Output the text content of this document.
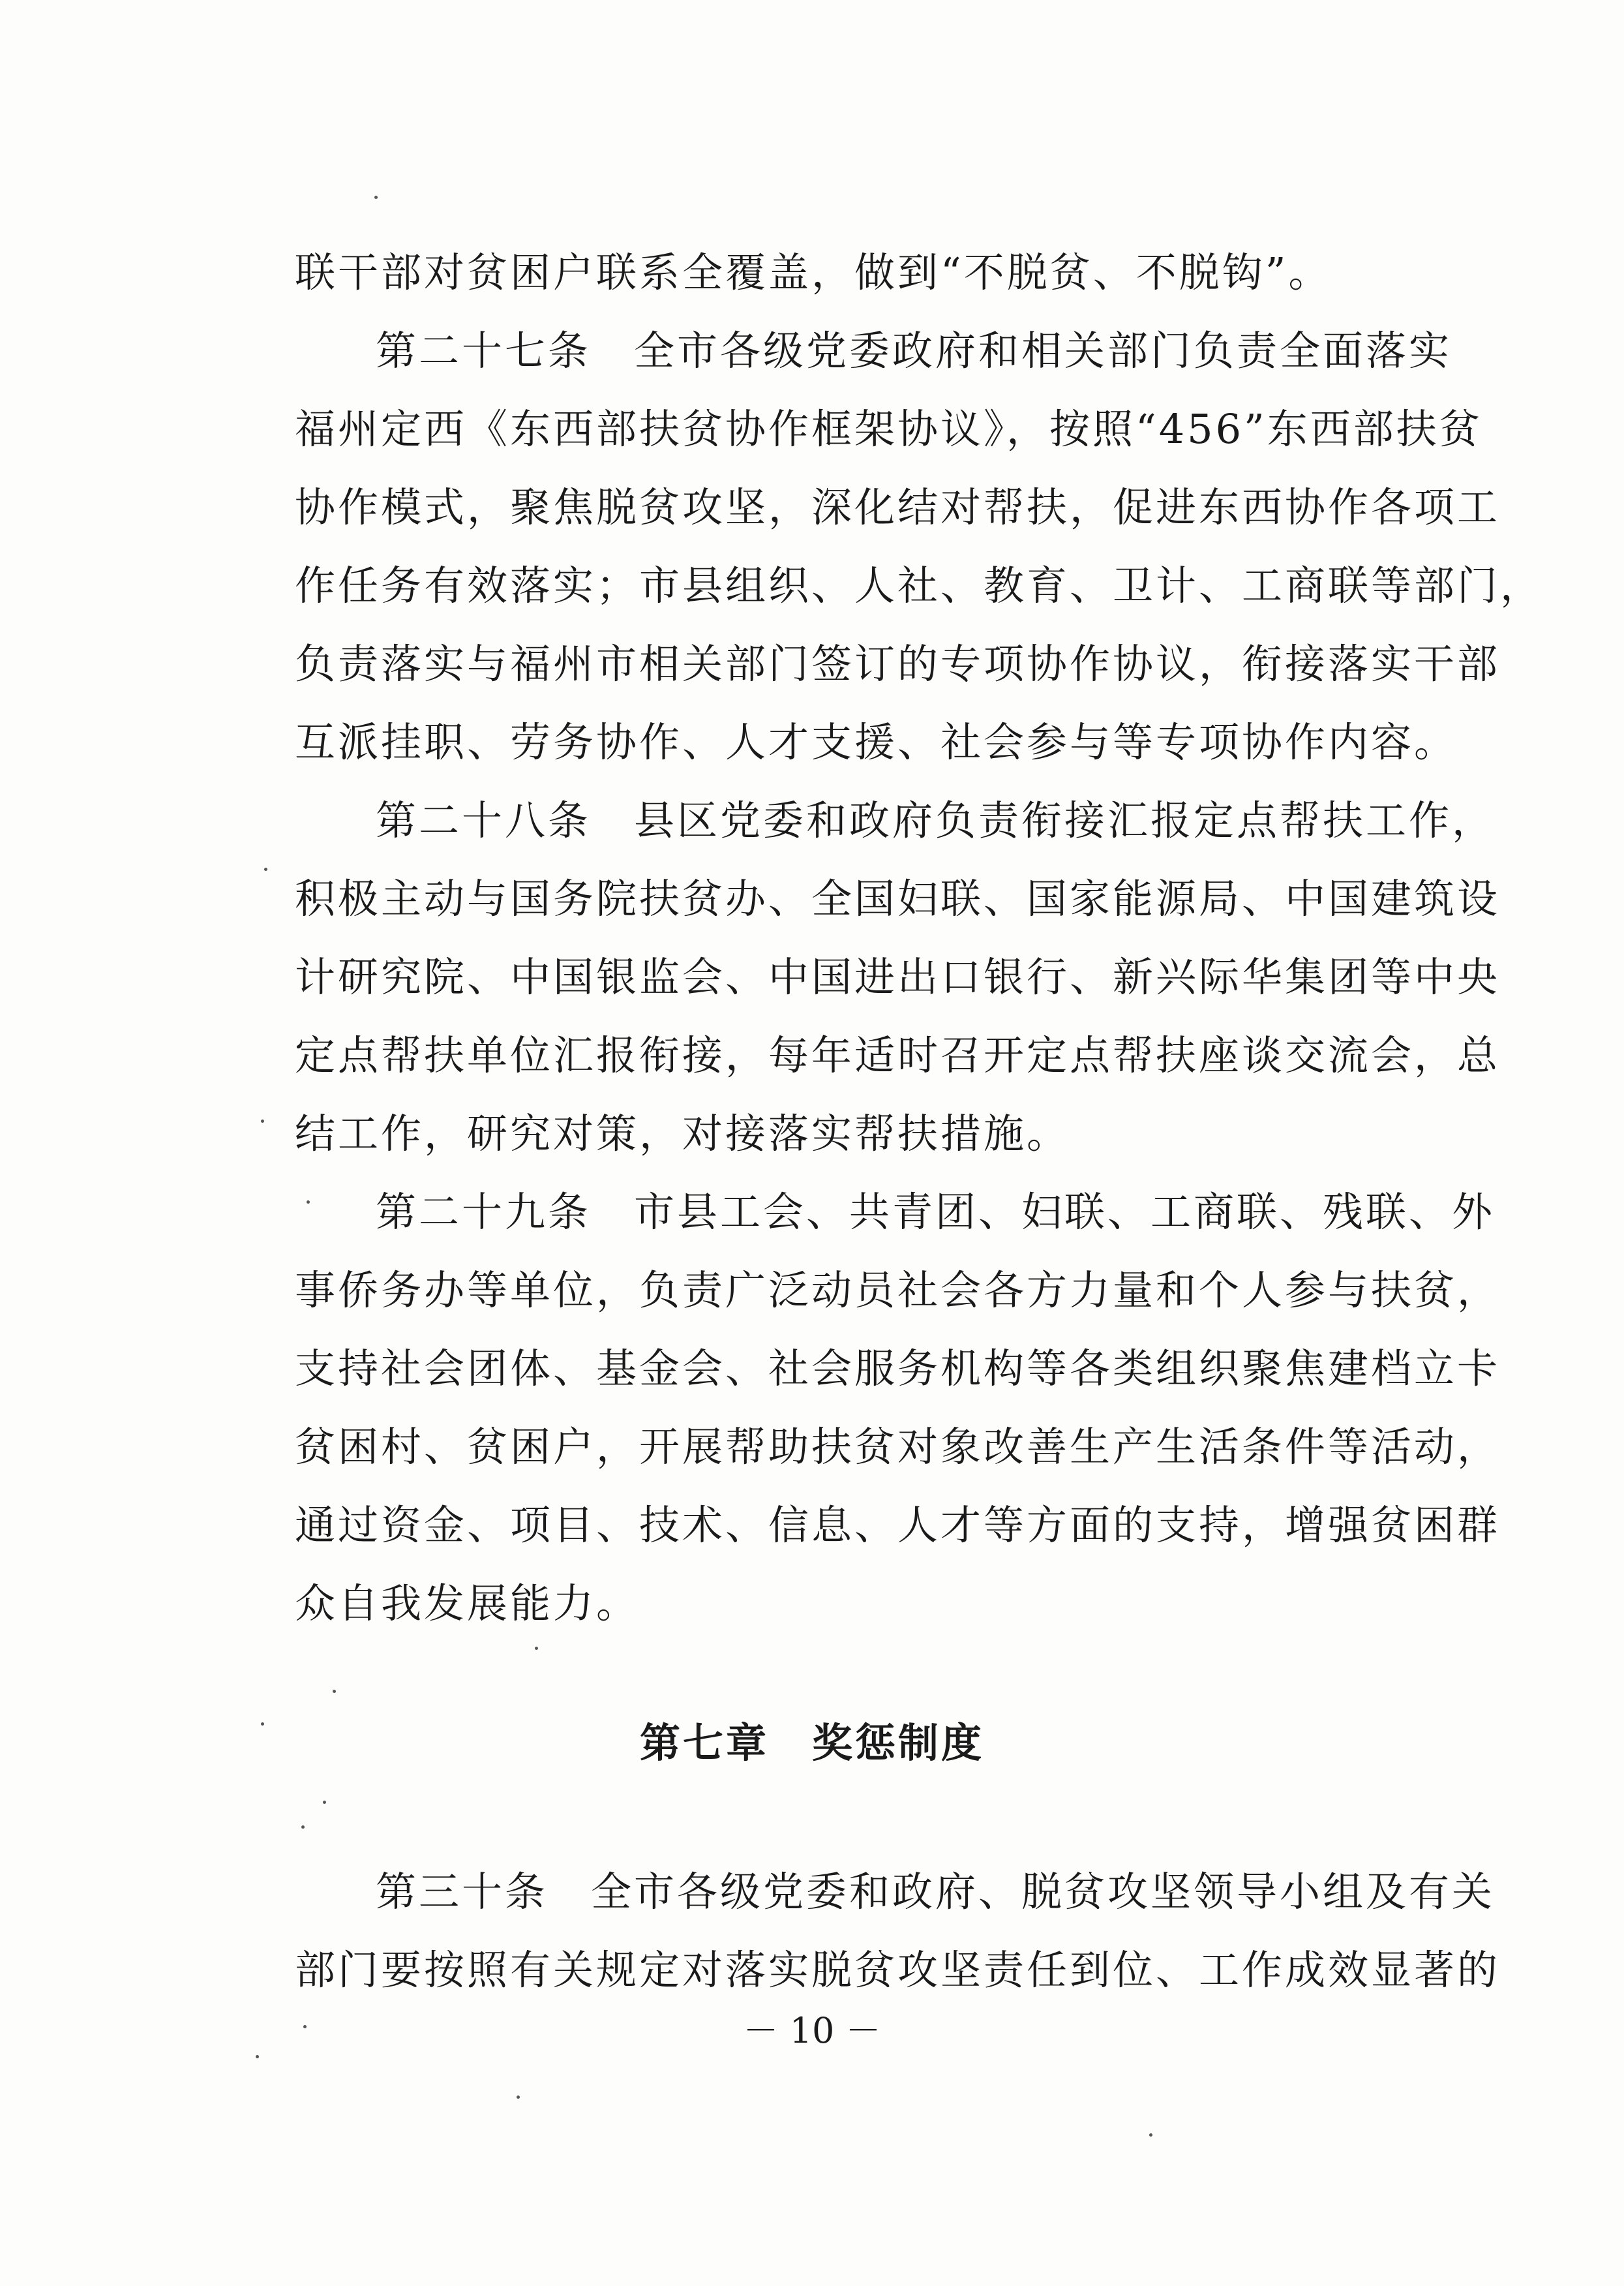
联干部对贫困户联系全覆盖，做到“不脱贫、不脱钩”。
第二十七条　全市各级党委政府和相关部门负责全面落实
福州定西《东西部扶贫协作框架协议》，按照“456”东西部扶贫
协作模式，聚焦脱贫攻坚，深化结对帮扶，促进东西协作各项工
作任务有效落实；市县组织、人社、教育、卫计、工商联等部门，
负责落实与福州市相关部门签订的专项协作协议，衔接落实干部
互派挂职、劳务协作、人才支援、社会参与等专项协作内容。
第二十八条　县区党委和政府负责衔接汇报定点帮扶工作，
积极主动与国务院扶贫办、全国妇联、国家能源局、中国建筑设
计研究院、中国银监会、中国进出口银行、新兴际华集团等中央
定点帮扶单位汇报衔接，每年适时召开定点帮扶座谈交流会，总
结工作，研究对策，对接落实帮扶措施。
第二十九条　市县工会、共青团、妇联、工商联、残联、外
事侨务办等单位，负责广泛动员社会各方力量和个人参与扶贫，
支持社会团体、基金会、社会服务机构等各类组织聚焦建档立卡
贫困村、贫困户，开展帮助扶贫对象改善生产生活条件等活动，
通过资金、项目、技术、信息、人才等方面的支持，增强贫困群
众自我发展能力。
第三十条　全市各级党委和政府、脱贫攻坚领导小组及有关
部门要按照有关规定对落实脱贫攻坚责任到位、工作成效显著的
第七章　奖惩制度
－ 10 －
